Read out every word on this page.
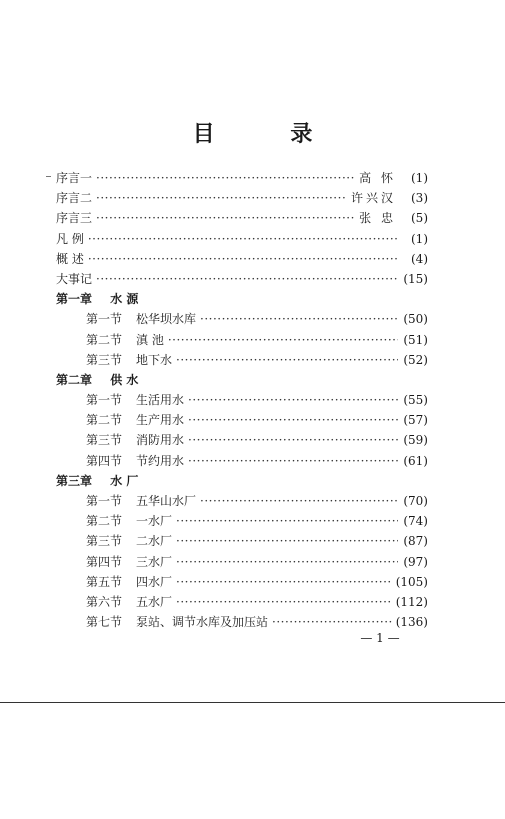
目 录
序言一 ·····	高 怀	(1)
序言二 ·····	许兴汉	(3)
序言三 ·····	张 忠	(5)
凡 例 ·····	(1)
概 述 ·····	(4)
大事记 ·····	(15)
第一章 水 源
第一节	松华坝水库 ·····	(50)
第二节	滇 池 ·····	(51)
第三节	地下水 ·····	(52)
第二章 供 水
第一节	生活用水 ·····	(55)
第二节	生产用水 ·····	(57)
第三节	消防用水 ·····	(59)
第四节	节约用水 ·····	(61)
第三章 水 厂
第一节	五华山水厂 ·····	(70)
第二节	一水厂 ·····	(74)
第三节	二水厂 ·····	(87)
第四节	三水厂 ·····	(97)
第五节	四水厂 ·····	(105)
第六节	五水厂 ·····	(112)
第七节	泵站、调节水库及加压站 ·····	(136)
— 1 —
